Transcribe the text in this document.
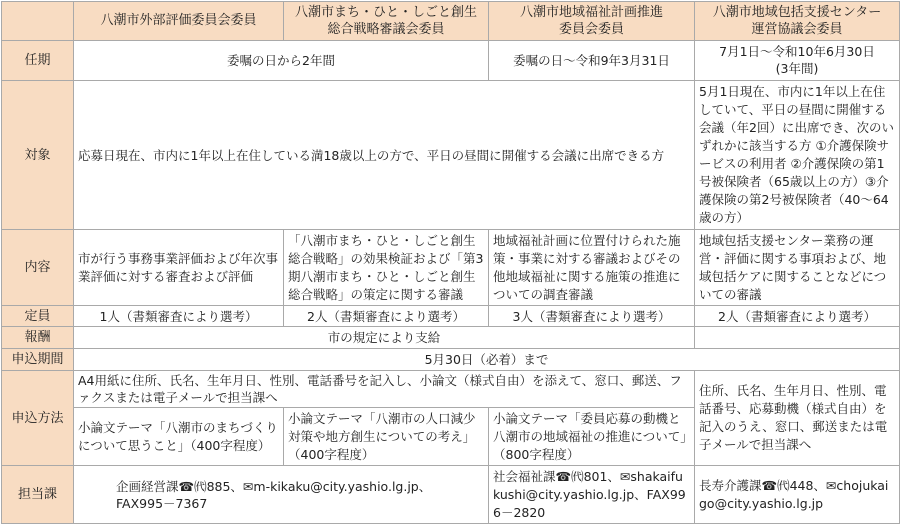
	八潮市外部評価委員会委員	八潮市まち・ひと・しごと創生
総合戦略審議会委員	八潮市地域福祉計画推進
委員会委員	八潮市地域包括支援センター
運営協議会委員

任期	委嘱の日から2年間		委嘱の日～令和9年3月31日	7月1日～令和10年6月30日
(3年間)

対象	応募日現在、市内に1年以上在住している満18歳以上の方で、平日の昼間に開催する会議に出席できる方			5月1日現在、市内に1年以上在住していて、平日の昼間に開催する会議（年2回）に出席でき、次のいずれかに該当する方 ①介護保険サービスの利用者 ②介護保険の第1号被保険者（65歳以上の方）③介護保険の第2号被保険者（40～64歳の方）
内容	市が行う事務事業評価および年次事業評価に対する審査および評価	「八潮市まち・ひと・しごと創生総合戦略」の効果検証および「第3期八潮市まち・ひと・しごと創生総合戦略」の策定に関する審議	地域福祉計画に位置付けられた施策・事業に対する審議およびその他地域福祉に関する施策の推進についての調査審議	地域包括支援センター業務の運営・評価に関する事項および、地域包括ケアに関することなどについての審議
定員	1人（書類審査により選考）	2人（書類審査により選考）	3人（書類審査により選考）	2人（書類審査により選考）
報酬	市の規定により支給			
申込期間	5月30日（必着）まで			
申込方法	A4用紙に住所、氏名、生年月日、性別、電話番号を記入し、小論文（様式自由）を添えて、窓口、郵送、ファクスまたは電子メールで担当課へ			住所、氏名、生年月日、性別、電話番号、応募動機（様式自由）を記入のうえ、窓口、郵送または電子メールで担当課へ
	小論文テーマ「八潮市のまちづくりについて思うこと」（400字程度）	小論文テーマ「八潮市の人口減少対策や地方創生についての考え」（400字程度）	小論文テーマ「委員応募の動機と八潮市の地域福祉の推進について」（800字程度）	
担当課	企画経営課☎㈹885、✉m-kikaku@city.yashio.lg.jp、
FAX995－7367		社会福祉課☎㈹801、✉shakaifukushi@city.yashio.lg.jp、FAX996－2820	長寿介護課☎㈹448、✉chojukaigo@city.yashio.lg.jp
